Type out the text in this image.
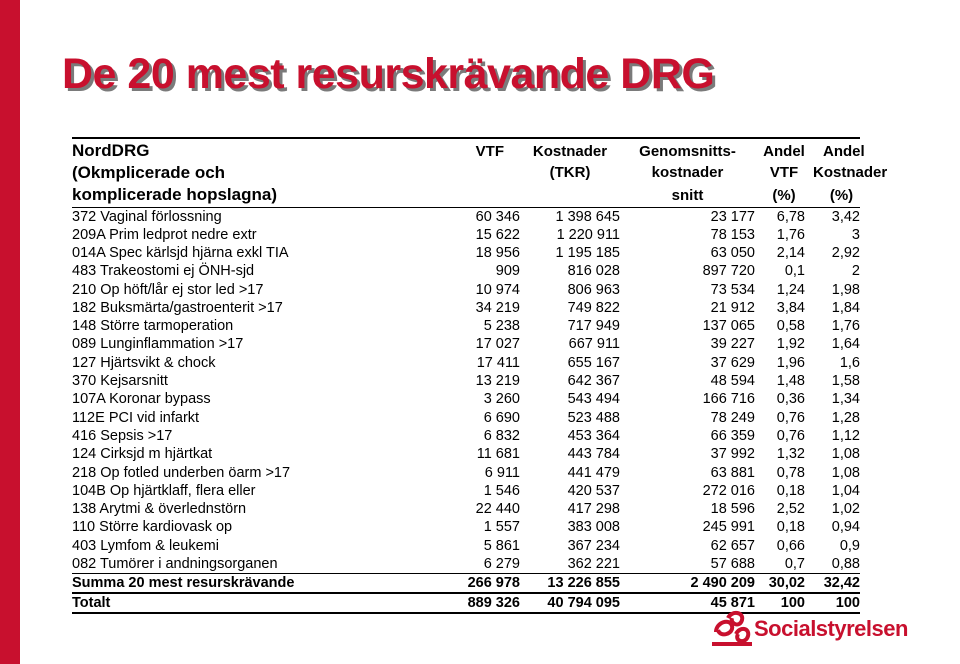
De 20 mest resurskrävande DRG
NordDRG	VTF	Kostnader	Genomsnitts-	Andel	Andel
(Okmplicerade och		(TKR)	kostnader	VTF	Kostnader
komplicerade hopslagna)			snitt	(%)	(%)
372 Vaginal förlossning	60 346	1 398 645	23 177	6,78	3,42
209A Prim ledprot nedre extr	15 622	1 220 911	78 153	1,76	3
014A Spec kärlsjd hjärna exkl TIA	18 956	1 195 185	63 050	2,14	2,92
483 Trakeostomi ej ÖNH-sjd	909	816 028	897 720	0,1	2
210 Op höft/lår ej stor led >17	10 974	806 963	73 534	1,24	1,98
182 Buksmärta/gastroenterit >17	34 219	749 822	21 912	3,84	1,84
148 Större tarmoperation	5 238	717 949	137 065	0,58	1,76
089 Lunginflammation >17	17 027	667 911	39 227	1,92	1,64
127 Hjärtsvikt & chock	17 411	655 167	37 629	1,96	1,6
370 Kejsarsnitt	13 219	642 367	48 594	1,48	1,58
107A Koronar bypass	3 260	543 494	166 716	0,36	1,34
112E PCI vid infarkt	6 690	523 488	78 249	0,76	1,28
416 Sepsis >17	6 832	453 364	66 359	0,76	1,12
124 Cirksjd m hjärtkat	11 681	443 784	37 992	1,32	1,08
218 Op fotled underben öarm >17	6 911	441 479	63 881	0,78	1,08
104B Op hjärtklaff, flera eller	1 546	420 537	272 016	0,18	1,04
138 Arytmi & överlednstörn	22 440	417 298	18 596	2,52	1,02
110 Större kardiovask op	1 557	383 008	245 991	0,18	0,94
403 Lymfom & leukemi	5 861	367 234	62 657	0,66	0,9
082 Tumörer i andningsorganen	6 279	362 221	57 688	0,7	0,88
Summa 20 mest resurskrävande	266 978	13 226 855	2 490 209	30,02	32,42
Totalt	889 326	40 794 095	45 871	100	100
Socialstyrelsen
